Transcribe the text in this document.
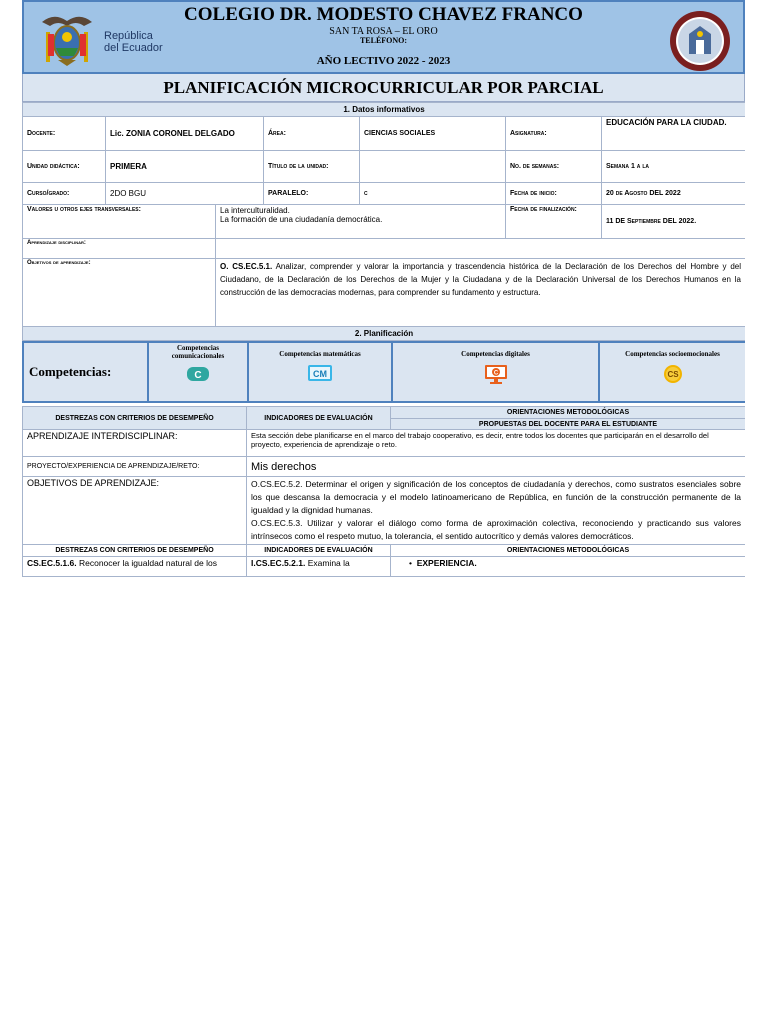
República
del Ecuador
COLEGIO DR. MODESTO CHAVEZ FRANCO
SAN TA ROSA – EL ORO
TELÉFONO:
AÑO LECTIVO 2022 - 2023
PLANIFICACIÓN MICROCURRICULAR POR PARCIAL
1. Datos informativos						
Docente:	Lic. ZONIA CORONEL DELGADO		Área:	CIENCIAS SOCIALES	Asignatura:	EDUCACIÓN PARA LA CIUDAD.
Unidad didáctica:	PRIMERA		Título de la unidad:		No. de semanas:	Semana 1 a la
Curso/grado:	2DO BGU		PARALELO:	c	Fecha de inicio:	20 de Agosto DEL 2022
Valores u otros ejes transversales:		La interculturalidad.
La formación de una ciudadanía democrática.			Fecha de finalización:	11 DE Septiembre DEL 2022.
Aprendizaje disciplinar:						
Objetivos de aprendizaje:		O. CS.EC.5.1. Analizar, comprender y valorar la importancia y trascendencia histórica de la Declaración de los Derechos del Hombre y del Ciudadano, de la Declaración de los Derechos de la Mujer y la Ciudadana y de la Declaración Universal de los Derechos Humanos en la construcción de las democracias modernas, para comprender su fundamento y estructura.				
2. Planificación						
Competencias:	
Competencias comunicacionales
C

Competencias matemáticas
CM

Competencias digitales
C

Competencias socioemocionales
CS
DESTREZAS CON CRITERIOS DE DESEMPEÑO	INDICADORES DE EVALUACIÓN	ORIENTACIONES METODOLÓGICAS
		PROPUESTAS DEL DOCENTE PARA EL ESTUDIANTE
APRENDIZAJE INTERDISCIPLINAR:	Esta sección debe planificarse en el marco del trabajo cooperativo, es decir, entre todos los docentes que participarán en el desarrollo del proyecto, experiencia de aprendizaje o reto.	
PROYECTO/EXPERIENCIA DE APRENDIZAJE/RETO:	Mis derechos	
OBJETIVOS DE APRENDIZAJE:	O.CS.EC.5.2. Determinar el origen y significación de los conceptos de ciudadanía y derechos, como sustratos esenciales sobre los que descansa la democracia y el modelo latinoamericano de República, en función de la construcción permanente de la igualdad y la dignidad humanas.
O.CS.EC.5.3. Utilizar y valorar el diálogo como forma de aproximación colectiva, reconociendo y practicando sus valores intrínsecos como el respeto mutuo, la tolerancia, el sentido autocrítico y demás valores democráticos.	

DESTREZAS CON CRITERIOS DE DESEMPEÑO	INDICADORES DE EVALUACIÓN	ORIENTACIONES METODOLÓGICAS
CS.EC.5.1.6. Reconocer la igualdad natural de los	I.CS.EC.5.2.1. Examina la	•  EXPERIENCIA.
